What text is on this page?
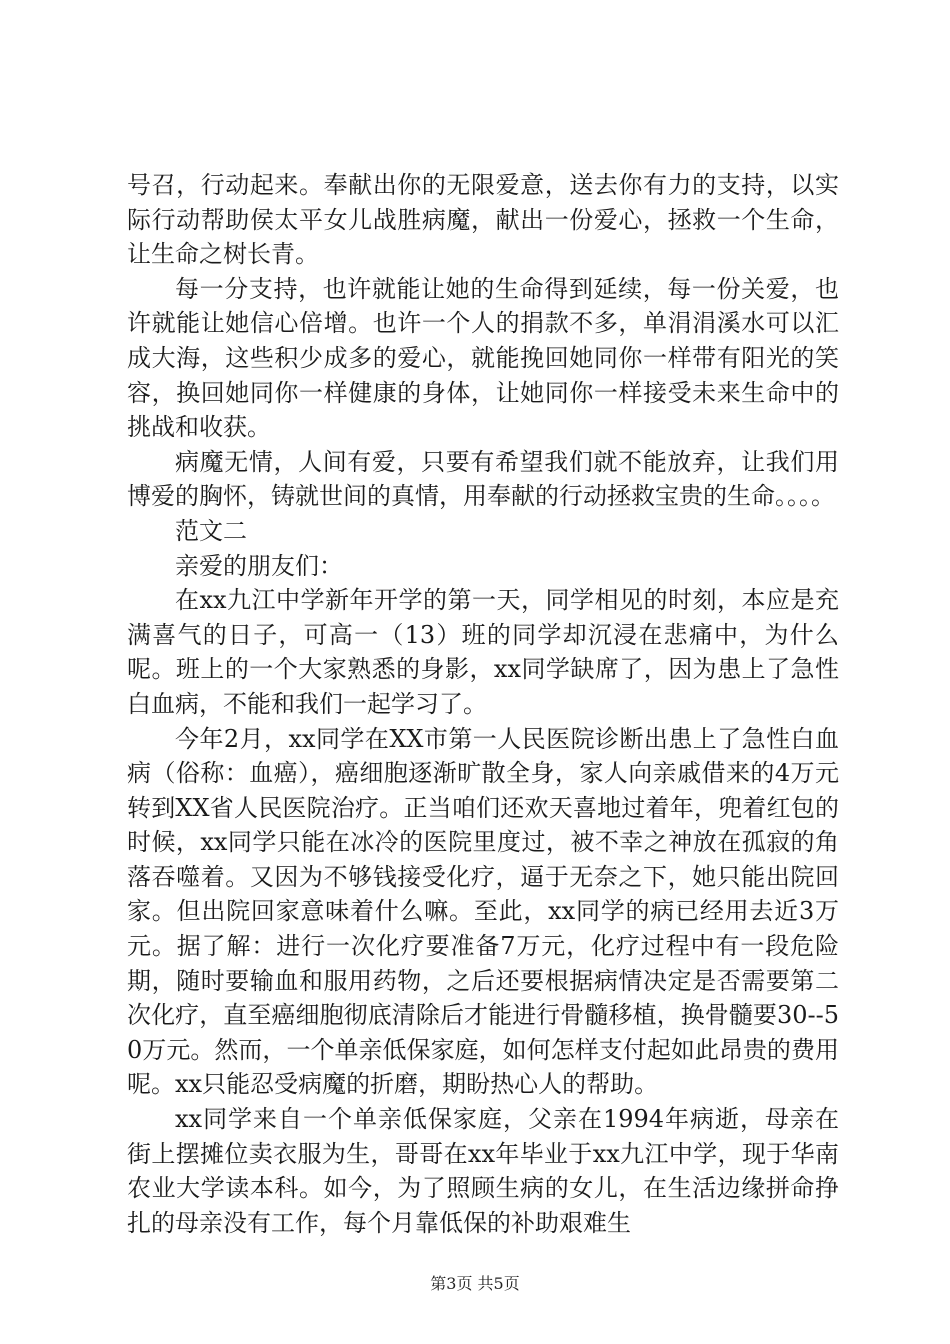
号召，行动起来。奉献出你的无限爱意，送去你有力的支持，以实际行动帮助侯太平女儿战胜病魔，献出一份爱心，拯救一个生命，让生命之树长青。

每一分支持，也许就能让她的生命得到延续，每一份关爱，也许就能让她信心倍增。也许一个人的捐款不多，单涓涓溪水可以汇成大海，这些积少成多的爱心，就能挽回她同你一样带有阳光的笑容，换回她同你一样健康的身体，让她同你一样接受未来生命中的挑战和收获。

病魔无情，人间有爱，只要有希望我们就不能放弃，让我们用博爱的胸怀，铸就世间的真情，用奉献的行动拯救宝贵的生命。。。。

范文二

亲爱的朋友们：

在xx九江中学新年开学的第一天，同学相见的时刻，本应是充满喜气的日子，可高一（13）班的同学却沉浸在悲痛中，为什么呢。班上的一个大家熟悉的身影，xx同学缺席了，因为患上了急性白血病，不能和我们一起学习了。

今年2月，xx同学在XX市第一人民医院诊断出患上了急性白血病（俗称：血癌），癌细胞逐渐旷散全身，家人向亲戚借来的4万元转到XX省人民医院治疗。正当咱们还欢天喜地过着年，兜着红包的时候，xx同学只能在冰冷的医院里度过，被不幸之神放在孤寂的角落吞噬着。又因为不够钱接受化疗，逼于无奈之下，她只能出院回家。但出院回家意味着什么嘛。至此，xx同学的病已经用去近3万元。据了解：进行一次化疗要准备7万元，化疗过程中有一段危险期，随时要输血和服用药物，之后还要根据病情决定是否需要第二次化疗，直至癌细胞彻底清除后才能进行骨髓移植，换骨髓要30--50万元。然而，一个单亲低保家庭，如何怎样支付起如此昂贵的费用呢。xx只能忍受病魔的折磨，期盼热心人的帮助。

xx同学来自一个单亲低保家庭，父亲在1994年病逝，母亲在街上摆摊位卖衣服为生，哥哥在xx年毕业于xx九江中学，现于华南农业大学读本科。如今，为了照顾生病的女儿，在生活边缘拼命挣扎的母亲没有工作，每个月靠低保的补助艰难生

第3页 共5页
